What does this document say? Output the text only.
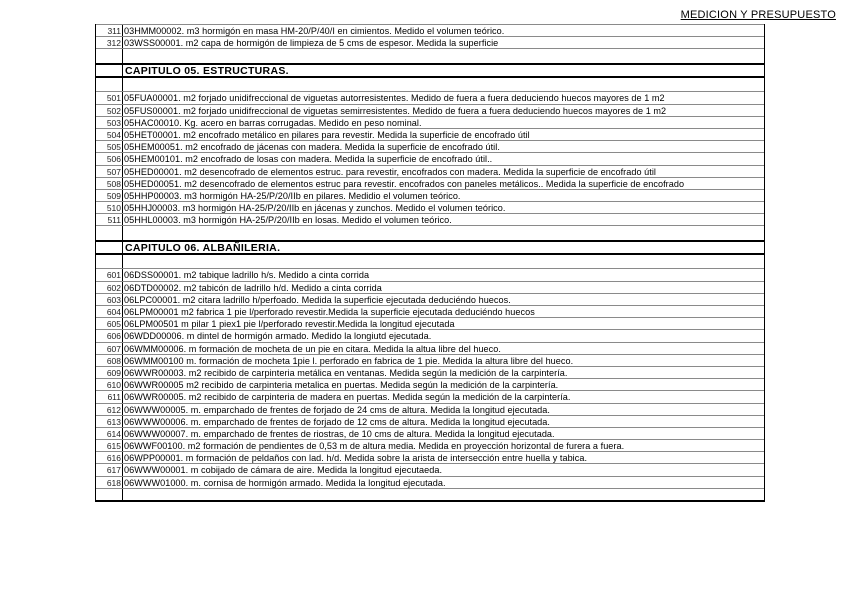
MEDICION Y PRESUPUESTO
311 03HMM00002. m3 hormigón en masa HM-20/P/40/I en cimientos. Medido el volumen teórico.
312 03WSS00001. m2 capa de hormigón de limpieza de 5 cms de espesor. Medida la superficie
CAPITULO 05. ESTRUCTURAS.
501 05FUA00001. m2 forjado unidifreccional de viguetas autorresistentes. Medido de fuera a fuera deduciendo huecos mayores de 1 m2
502 05FUS00001. m2 forjado unidifreccional de viguetas semirresistentes. Medido de fuera a fuera deduciendo huecos mayores de 1 m2
503 05HAC00010. Kg. acero en barras corrugadas. Medido en peso nominal.
504 05HET00001. m2 encofrado metálico en pilares para revestir. Medida la superficie de encofrado útil
505 05HEM00051. m2 encofrado de jácenas con madera. Medida la superficie de encofrado útil.
506 05HEM00101. m2 encofrado de losas con madera. Medida la superficie de encofrado útil..
507 05HED00001. m2 desencofrado de elementos estruc. para revestir, encofrados con madera. Medida la superficie de encofrado útil
508 05HED00051. m2 desencofrado de elementos estruc para revestir. encofrados con paneles metálicos.. Medida la superficie de encofrado
509 05HHP00003. m3 hormigón HA-25/P/20/IIb en pilares. Medidio el volumen teórico.
510 05HHJ00003. m3 hormigón HA-25/P/20/IIb en jácenas y zunchos. Medido el volumen teórico.
511 05HHL00003. m3 hormigón HA-25/P/20/IIb en losas. Medido el volumen teórico.
CAPITULO 06. ALBAÑILERIA.
601 06DSS00001. m2 tabique ladrillo h/s. Medido a cinta corrida
602 06DTD00002. m2 tabicón de ladrillo h/d. Medido a cinta corrida
603 06LPC00001. m2 citara ladrillo h/perfoado. Medida la superficie ejecutada deduciéndo huecos.
604 06LPM00001 m2 fabrica 1 pie l/perforado revestir.Medida la superficie ejecutada deduciéndo huecos
605 06LPM00501 m pilar 1 piex1 pie l/perforado revestir.Medida la longitud ejecutada
606 06WDD00006. m dintel de hormigón armado. Medido la longiutd ejecutada.
607 06WMM00006. m formación de mocheta de un pie en citara. Medida la altua libre del hueco.
608 06WMM00100 m. formación de mocheta 1pie l. perforado en fabrica de 1 pie. Medida la altura libre del hueco.
609 06WWR00003. m2 recibido de carpinteria metálica en ventanas. Medida según la medición de la carpintería.
610 06WWR00005 m2 recibido de carpinteria metalica en puertas. Medida según la medición de la carpintería.
611 06WWR00005. m2 recibido de carpinteria de madera en puertas. Medida según la medición de la carpintería.
612 06WWW00005. m. emparchado de frentes de forjado de 24 cms de altura. Medida la longitud ejecutada.
613 06WWW00006. m. emparchado de frentes de forjado de 12 cms de altura. Medida la longitud ejecutada.
614 06WWW00007. m. emparchado de frentes de riostras, de 10 cms de altura. Medida la longitud ejecutada.
615 06WWF00100. m2 formación de pendientes de 0,53 m de altura media. Medida en proyección horizontal de furera a fuera.
616 06WPP00001. m formación de peldaños con lad. h/d. Medida sobre la arista de intersección entre huella y tabica.
617 06WWW00001. m cobijado de cámara de aire. Medida la longitud ejecutaeda.
618 06WWW01000. m. cornisa de hormigón armado. Medida la longitud ejecutada.
